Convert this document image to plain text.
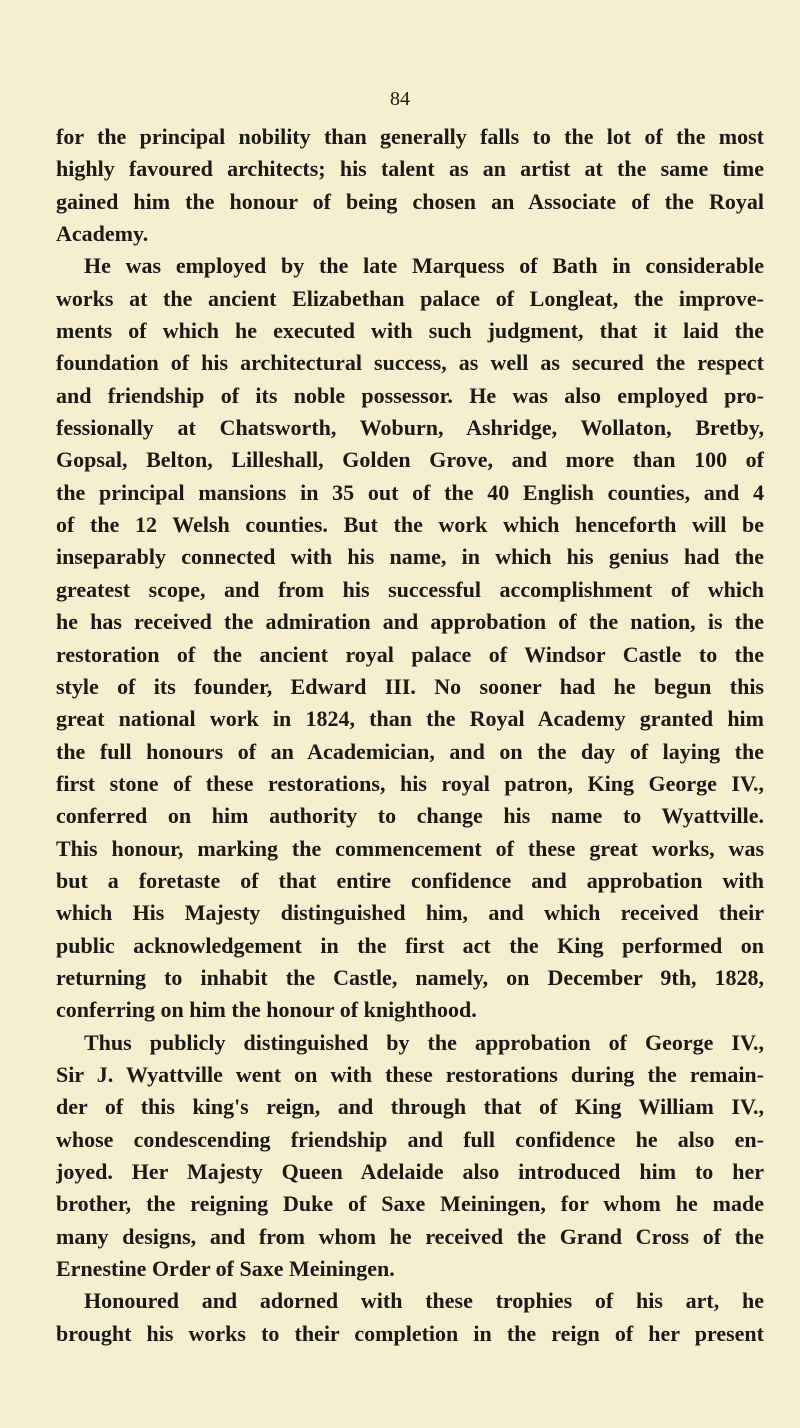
84
for the principal nobility than generally falls to the lot of the most
highly favoured architects; his talent as an artist at the same time
gained him the honour of being chosen an Associate of the Royal
Academy.
He was employed by the late Marquess of Bath in considerable
works at the ancient Elizabethan palace of Longleat, the improve-
ments of which he executed with such judgment, that it laid the
foundation of his architectural success, as well as secured the respect
and friendship of its noble possessor. He was also employed pro-
fessionally at Chatsworth, Woburn, Ashridge, Wollaton, Bretby,
Gopsal, Belton, Lilleshall, Golden Grove, and more than 100 of
the principal mansions in 35 out of the 40 English counties, and 4
of the 12 Welsh counties. But the work which henceforth will be
inseparably connected with his name, in which his genius had the
greatest scope, and from his successful accomplishment of which
he has received the admiration and approbation of the nation, is the
restoration of the ancient royal palace of Windsor Castle to the
style of its founder, Edward III. No sooner had he begun this
great national work in 1824, than the Royal Academy granted him
the full honours of an Academician, and on the day of laying the
first stone of these restorations, his royal patron, King George IV.,
conferred on him authority to change his name to Wyattville.
This honour, marking the commencement of these great works, was
but a foretaste of that entire confidence and approbation with
which His Majesty distinguished him, and which received their
public acknowledgement in the first act the King performed on
returning to inhabit the Castle, namely, on December 9th, 1828,
conferring on him the honour of knighthood.
Thus publicly distinguished by the approbation of George IV.,
Sir J. Wyattville went on with these restorations during the remain-
der of this king's reign, and through that of King William IV.,
whose condescending friendship and full confidence he also en-
joyed. Her Majesty Queen Adelaide also introduced him to her
brother, the reigning Duke of Saxe Meiningen, for whom he made
many designs, and from whom he received the Grand Cross of the
Ernestine Order of Saxe Meiningen.
Honoured and adorned with these trophies of his art, he
brought his works to their completion in the reign of her present
